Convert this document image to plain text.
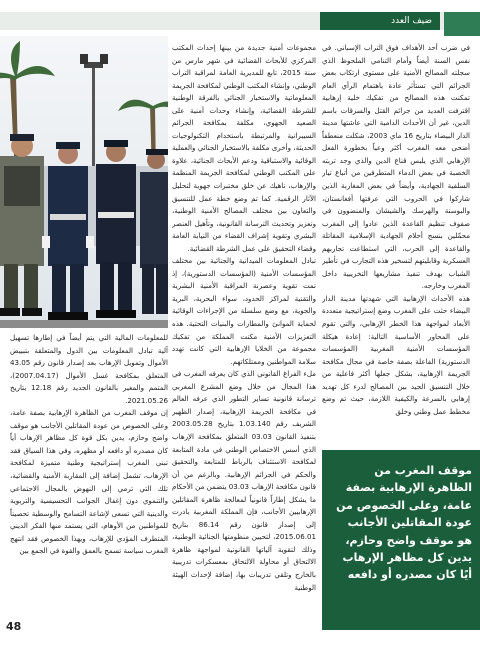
ضيف العدد

في ضرب أحد الأهداف فوق التراب الإسباني. في نفس السنة أيضاً وأمام التنامي الملحوظ الذي سجلته المصالح الأمنية على مستوى ارتكاب بعض الجرائم التي تستأثر عادة باهتمام الرأي العام تمكنت هذه المصالح من تفكيك خلية إرهابية اقترفت العديد من جرائم القتل والسرقات باسم الدين، غير أن الأحداث الدامية التي عاشتها مدينة الدار البيضاء بتاريخ 16 ماي 2003، شكلت منعطفاً أضحى معه المغرب أكثر وعياً بخطورة الفعل الإرهابي الذي يلبس قناع الدين والذي وجد تربته الخصبة في بعض الدماء المتطرفين من أتباع تيار السلفية الجهادية، وأيضاً في بعض المغاربة الذين شاركوا في الحروب التي عرفتها أفغانستان، والبوسنة والهرسك والشيشان والمنضوون في صفوف تنظيم القاعدة الذين عادوا إلى المغرب محمّلين بنسج أحلام الجهادية الإسلامية المقاتلة والقاعدة إلى الحرب، التي استطاعت تجاربهم العسكرية وقابليتهم لتسخير هذه التجارب في تأطير الشباب بهدف تنفيذ مشاريعها التخريبية داخل المغرب وخارجه.

هذه الأحداث الإرهابية التي شهدتها مدينة الدار البيضاء حثت على المغرب وضع إستراتيجية متعددة الأبعاد لمواجهة هذا الخطر الإرهابي، والتي تقوم على المحاور الأساسية التالية: إعادة هيكلة المؤسسات الأمنية المغربية (المؤسسات الدستورية) الفاعلة بصفة خاصة في مجال مكافحة الجريمة الإرهابية، بشكل جعلها أكثر فاعلية من خلال التنسيق الجيد بين المصالح لدرء كل تهديد إرهابي بالسرعة والكيفية اللازمة، حيث تم وضع مخطط عمل وطني وخلق

مجموعات أمنية جديدة من بينها إحداث المكتب المركزي للأبحاث القضائية في شهر مارس من سنة 2015، تابع للمديرية العامة لمراقبة التراب الوطني، وإنشاء المكتب الوطني لمكافحة الجريمة المعلوماتية والاستخبار الجنائي بالفرقة الوطنية للشرطة القضائية، وإنشاء وحدات أمنية على الصعيد الجهوي، مكلفة بمكافحة الجرائم السيبرانية والمرتبطة باستخدام التكنولوجيات الحديثة، وأخرى مكلفة بالاستخبار الجنائي والعملية الوقائية والاستباقية ودعم الأبحاث الجنائية، علاوة على المكتب الوطني لمكافحة الجريمة المنظمة والإرهاب، ناهيك عن خلق مختبرات جهوية لتحليل الآثار الرقمية. كما تم وضع خطة عمل للتنسيق والتعاون بين مختلف المصالح الأمنية الوطنية، وتعزيز وتحديث الترسانة القانونية، وتأهيل العنصر البشري وتقوية إشراف القضاء من النيابة العامة وقضاء التحقيق على عمل الشرطة القضائية.

تبادل المعلومات الميدانية والجنائية بين مختلف المؤسسات الأمنية (المؤسسات الدستورية)، إذ تمت تقوية وعصرنة المراقبة الأمنية البشرية والتقنية لمراكز الحدود، سواء البحرية، البرية والجوية، مع وضع سلسلة من الإجراءات الوقائية لحماية الموانئ والمطارات والبنيات التحتية. هذه التعزيزات الأمنية مكنت المملكة من تفكيك مجموعة من الخلايا الإرهابية التي كانت تهدد سلامة المواطنين وممتلكاتهم.

ملء الفراغ القانوني الذي كان يعرفه المغرب في هذا المجال من خلال وضع المشرع المغربي ترسانة قانونية تساير التطور الذي عرفه العالم في مكافحة الجريمة الإرهابية، إصدار الظهير الشريف رقم 1.03.140 بتاريخ 2003.05.28 بتنفيذ القانون 03.03 المتعلق بمكافحة الإرهاب الذي أسس الاختصاص الوطني في مادة المتابعة لمكافحة الاستئناف بالرباط للمتابعة والتحقيق والحكم في الجرائم الإرهابية. وبالرغم من أن قانون مكافحة الإرهاب 03.03 يتضمن من الأحكام ما يشكل إطاراً قانونياً لمعالجة ظاهرة المقاتلين الإرهابيين الأجانب، فإن المملكة المغربية بادرت إلى إصدار قانون رقم 86.14 بتاريخ 2015.06.01، لتحيين منظومتها الجنائية الوطنية، وذلك لتقوية آلياتها القانونية لمواجهة ظاهرة الالتحاق أو محاولة الالتحاق بمعسكرات تدريبية بالخارج وتلقي تدريبات بها، إضافة لإحداث الهيئة الوطنية

للمعلومات المالية التي يتم أيضاً في إطارها تسهيل آلية تبادل المعلومات بين الدول والمتعلقة بتبييض الأموال وتمويل الإرهاب بعد إصدار قانون رقم 43.05 المتعلق بمكافحة غسل الأموال (2007.04.17)، المتمم والمغير بالقانون الجديد رقم 12.18 بتاريخ 2021.05.26.

إن موقف المغرب من الظاهرة الإرهابية بصفة عامة، وعلى الخصوص من عودة المقاتلين الأجانب هو موقف واضح وحازم، يدين بكل قوة كل مظاهر الإرهاب أياً كان مصدره أو دافعه أو مظهره، وفي هذا السياق فقد تبنى المغرب إستراتيجية وطنية متميزة لمكافحة الإرهاب، تشمل إضافة إلى المقاربة الأمنية والقضائية، تلك التي ترمي إلى النهوض بالمجال الاجتماعي والتنموي دون إغفال الجوانب التحسيسية والتربوية والدينية التي تسعى لإشاعة التسامح والوسطية تحصيناً للمواطنين من الأوهام، التي يستمد منها الفكر الديني المتطرف المؤدي للإرهاب، ويهذا الخصوص فقد انتهج المغرب سياسة تسمح بالعمق والقوة في الجمع بين

موقف المغرب من الظاهرة الإرهابية بصفة عامة، وعلى الخصوص من عودة المقاتلين الأجانب هو موقف واضح وحازم، يدين كل مظاهر الإرهاب أيًا كان مصدره أو دافعه
48
